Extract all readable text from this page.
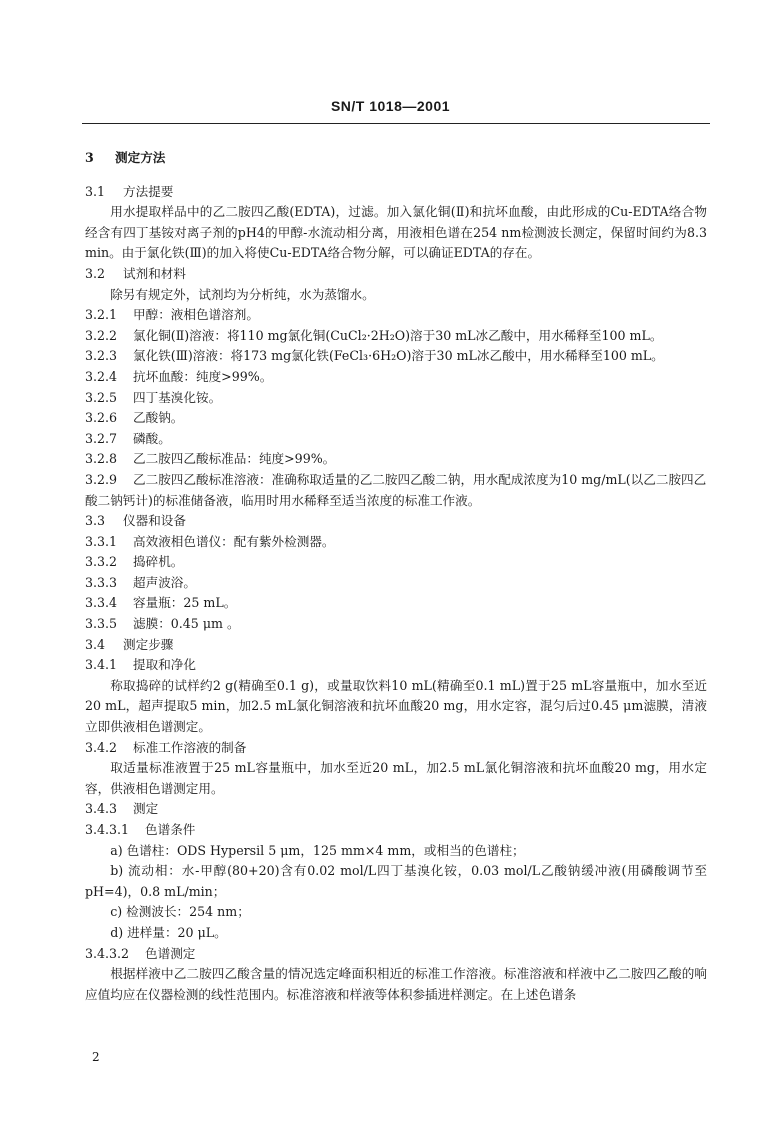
SN/T 1018—2001
3 测定方法
3.1 方法提要
用水提取样品中的乙二胺四乙酸(EDTA)，过滤。加入氯化铜(Ⅱ)和抗坏血酸，由此形成的Cu-EDTA络合物经含有四丁基铵对离子剂的pH4的甲醇-水流动相分离，用液相色谱在254 nm检测波长测定，保留时间约为8.3 min。由于氯化铁(Ⅲ)的加入将使Cu-EDTA络合物分解，可以确证EDTA的存在。
3.2 试剂和材料
除另有规定外，试剂均为分析纯，水为蒸馏水。
3.2.1 甲醇：液相色谱溶剂。
3.2.2 氯化铜(Ⅱ)溶液：将110 mg氯化铜(CuCl₂·2H₂O)溶于30 mL冰乙酸中，用水稀释至100 mL。
3.2.3 氯化铁(Ⅲ)溶液：将173 mg氯化铁(FeCl₃·6H₂O)溶于30 mL冰乙酸中，用水稀释至100 mL。
3.2.4 抗坏血酸：纯度>99%。
3.2.5 四丁基溴化铵。
3.2.6 乙酸钠。
3.2.7 磷酸。
3.2.8 乙二胺四乙酸标准品：纯度>99%。
3.2.9 乙二胺四乙酸标准溶液：准确称取适量的乙二胺四乙酸二钠，用水配成浓度为10 mg/mL(以乙二胺四乙酸二钠钙计)的标准储备液，临用时用水稀释至适当浓度的标准工作液。
3.3 仪器和设备
3.3.1 高效液相色谱仪：配有紫外检测器。
3.3.2 捣碎机。
3.3.3 超声波浴。
3.3.4 容量瓶：25 mL。
3.3.5 滤膜：0.45 μm 。
3.4 测定步骤
3.4.1 提取和净化
称取捣碎的试样约2 g(精确至0.1 g)，或量取饮料10 mL(精确至0.1 mL)置于25 mL容量瓶中，加水至近20 mL，超声提取5 min，加2.5 mL氯化铜溶液和抗坏血酸20 mg，用水定容，混匀后过0.45 μm滤膜，清液立即供液相色谱测定。
3.4.2 标准工作溶液的制备
取适量标准液置于25 mL容量瓶中，加水至近20 mL，加2.5 mL氯化铜溶液和抗坏血酸20 mg，用水定容，供液相色谱测定用。
3.4.3 测定
3.4.3.1 色谱条件
a) 色谱柱：ODS Hypersil 5 μm，125 mm×4 mm，或相当的色谱柱；
b) 流动相：水-甲醇(80+20)含有0.02 mol/L四丁基溴化铵，0.03 mol/L乙酸钠缓冲液(用磷酸调节至pH=4)，0.8 mL/min；
c) 检测波长：254 nm；
d) 进样量：20 μL。
3.4.3.2 色谱测定
根据样液中乙二胺四乙酸含量的情况选定峰面积相近的标准工作溶液。标准溶液和样液中乙二胺四乙酸的响应值均应在仪器检测的线性范围内。标准溶液和样液等体积参插进样测定。在上述色谱条
2
